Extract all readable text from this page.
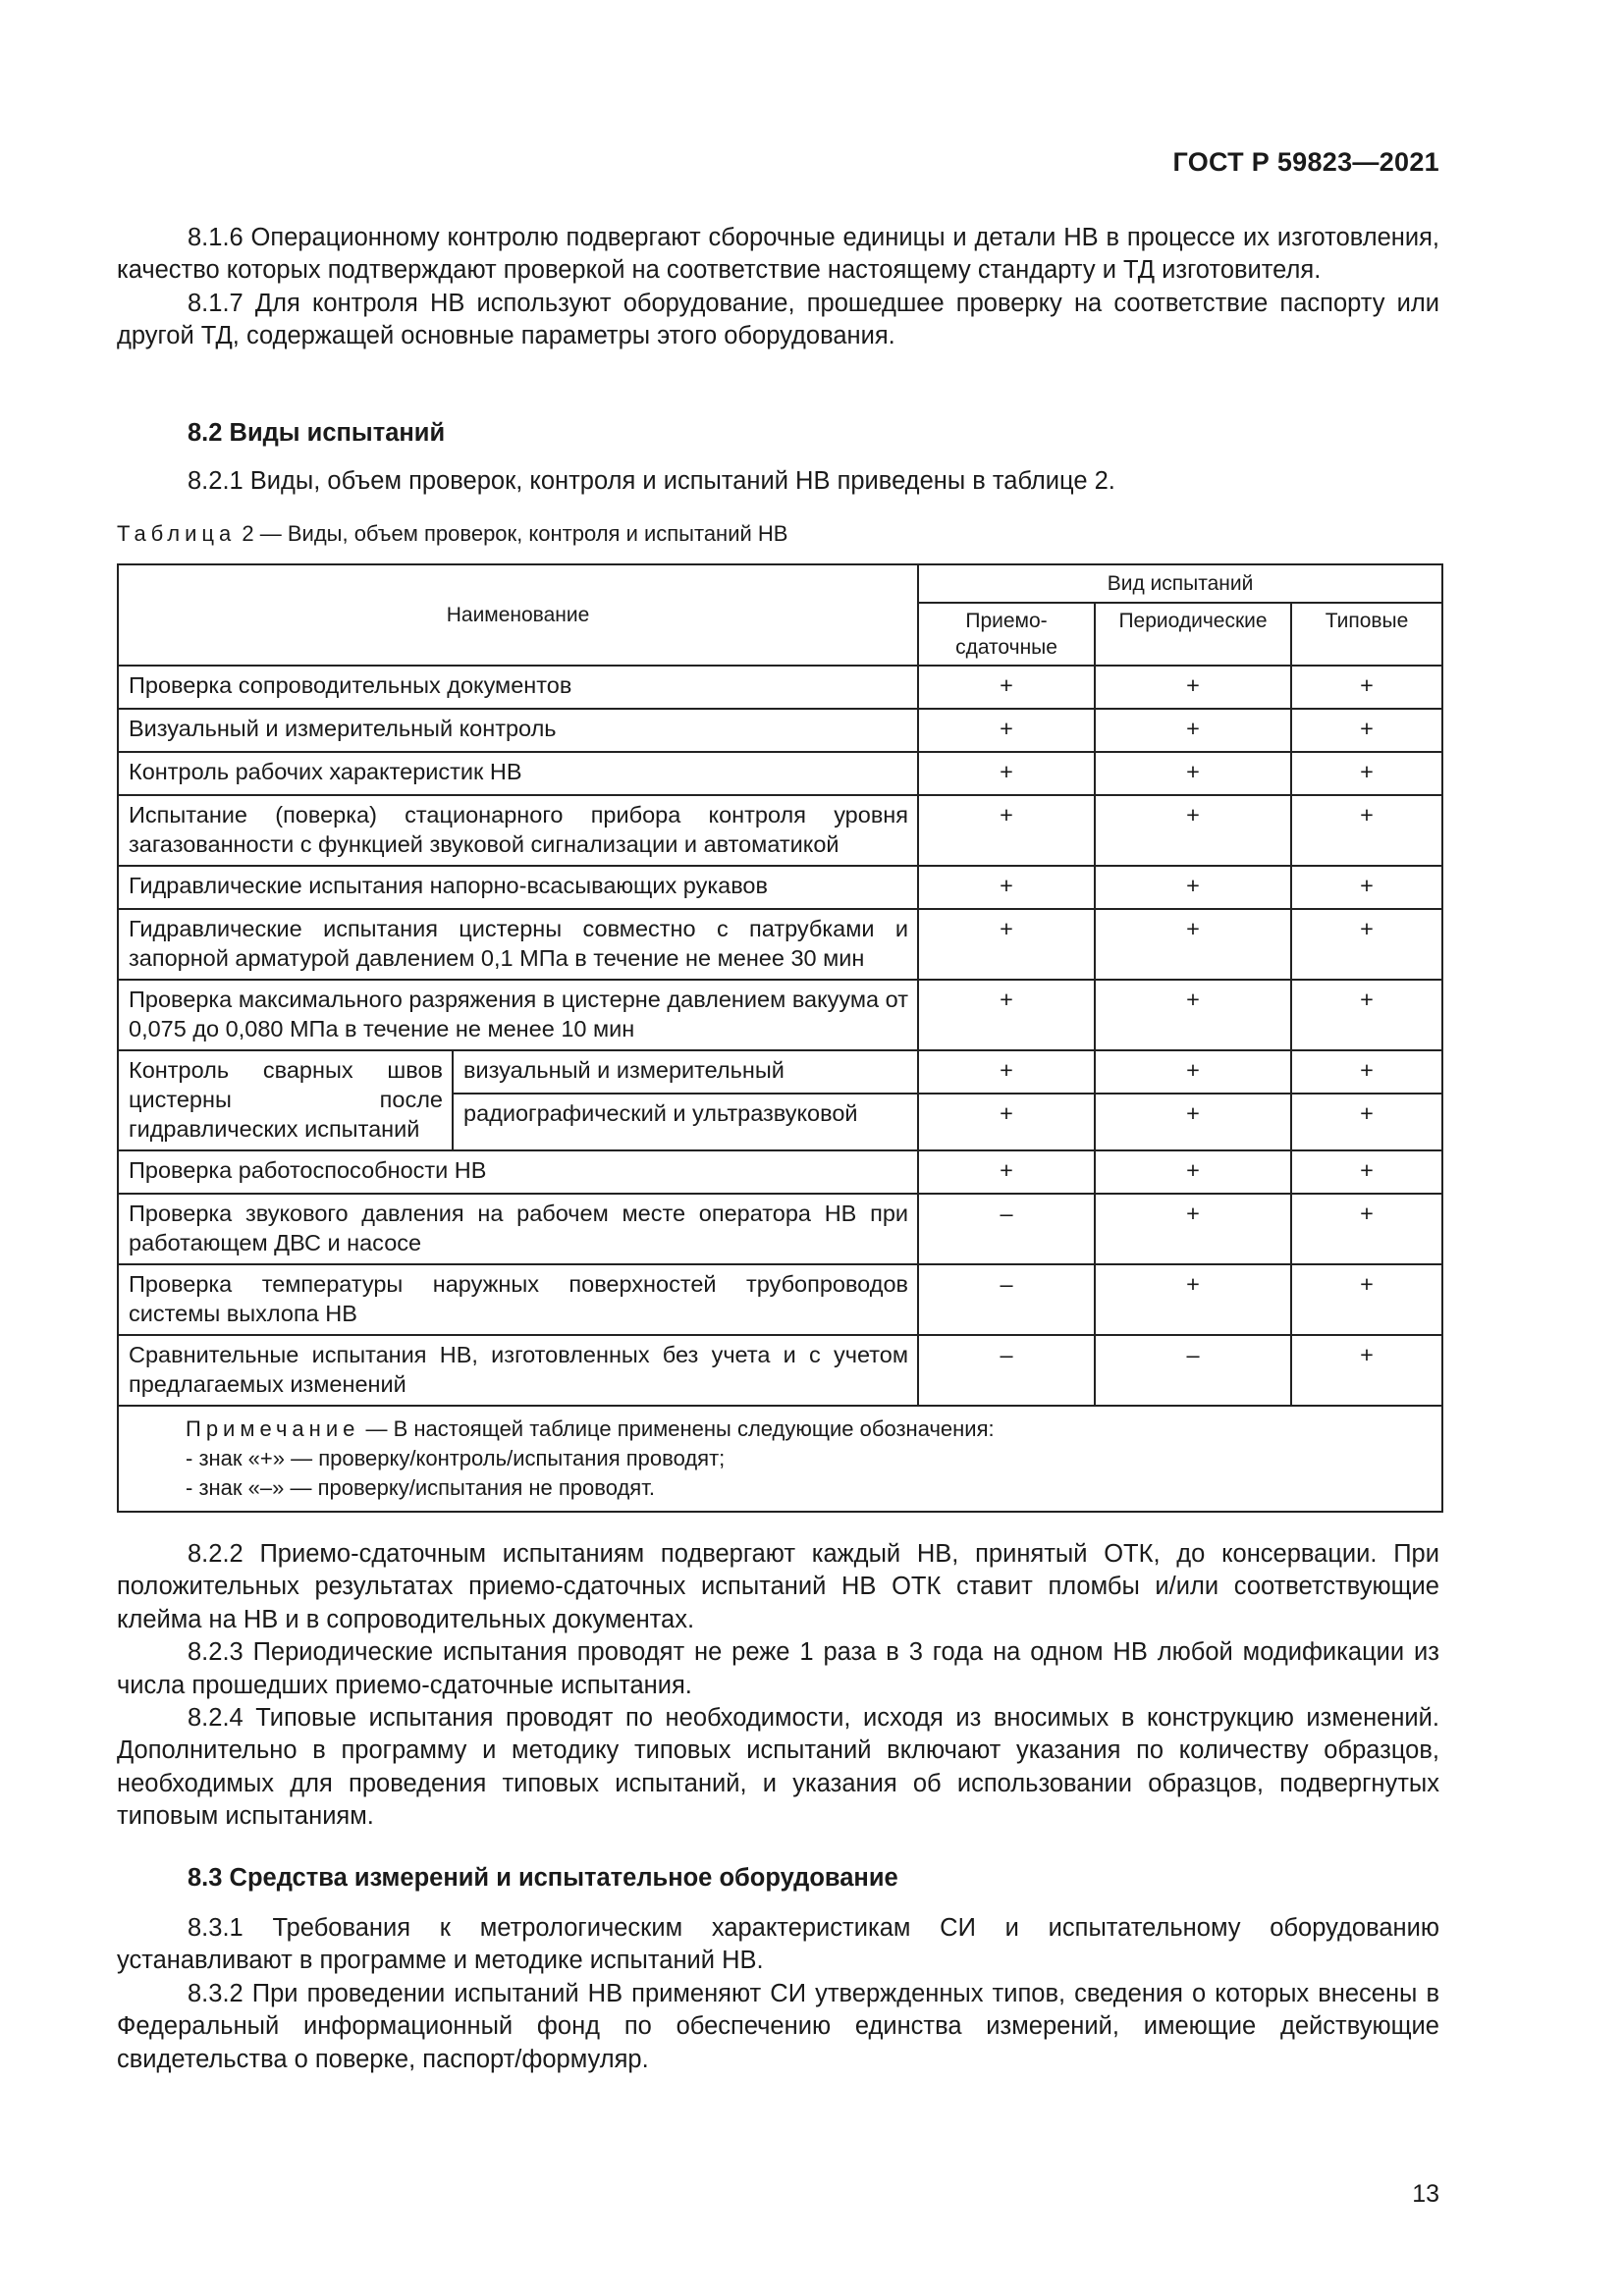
ГОСТ Р 59823—2021

8.1.6 Операционному контролю подвергают сборочные единицы и детали НВ в процессе их изготовления, качество которых подтверждают проверкой на соответствие настоящему стандарту и ТД изготовителя.

8.1.7 Для контроля НВ используют оборудование, прошедшее проверку на соответствие паспорту или другой ТД, содержащей основные параметры этого оборудования.

8.2 Виды испытаний

8.2.1 Виды, объем проверок, контроля и испытаний НВ приведены в таблице 2.

Таблица 2 — Виды, объем проверок, контроля и испытаний НВ
Наименование		Вид испытаний		
		Приемо-сдаточные	Периодические	Типовые
Проверка сопроводительных документов		+	+	+
Визуальный и измерительный контроль		+	+	+
Контроль рабочих характеристик НВ		+	+	+
Испытание (поверка) стационарного прибора контроля уровня загазованности с функцией звуковой сигнализации и автоматикой		+	+	+
Гидравлические испытания напорно-всасывающих рукавов		+	+	+
Гидравлические испытания цистерны совместно с патрубками и запорной арматурой давлением 0,1 МПа в течение не менее 30 мин		+	+	+
Проверка максимального разряжения в цистерне давлением вакуума от 0,075 до 0,080 МПа в течение не менее 10 мин		+	+	+
Контроль сварных швов цистерны после гидравлических испытаний	визуальный и измерительный	+	+	+
	радиографический и ультразвуковой	+	+	+
Проверка работоспособности НВ		+	+	+
Проверка звукового давления на рабочем месте оператора НВ при работающем ДВС и насосе		–	+	+
Проверка температуры наружных поверхностей трубопроводов системы выхлопа НВ		–	+	+
Сравнительные испытания НВ, изготовленных без учета и с учетом предлагаемых изменений		–	–	+

Примечание — В настоящей таблице применены следующие обозначения:
- знак «+» — проверку/контроль/испытания проводят;
- знак «–» — проверку/испытания не проводят.				

8.2.2 Приемо-сдаточным испытаниям подвергают каждый НВ, принятый ОТК, до консервации. При положительных результатах приемо-сдаточных испытаний НВ ОТК ставит пломбы и/или соответствующие клейма на НВ и в сопроводительных документах.

8.2.3 Периодические испытания проводят не реже 1 раза в 3 года на одном НВ любой модификации из числа прошедших приемо-сдаточные испытания.

8.2.4 Типовые испытания проводят по необходимости, исходя из вносимых в конструкцию изменений. Дополнительно в программу и методику типовых испытаний включают указания по количеству образцов, необходимых для проведения типовых испытаний, и указания об использовании образцов, подвергнутых типовым испытаниям.

8.3 Средства измерений и испытательное оборудование

8.3.1 Требования к метрологическим характеристикам СИ и испытательному оборудованию устанавливают в программе и методике испытаний НВ.

8.3.2 При проведении испытаний НВ применяют СИ утвержденных типов, сведения о которых внесены в Федеральный информационный фонд по обеспечению единства измерений, имеющие действующие свидетельства о поверке, паспорт/формуляр.

13
